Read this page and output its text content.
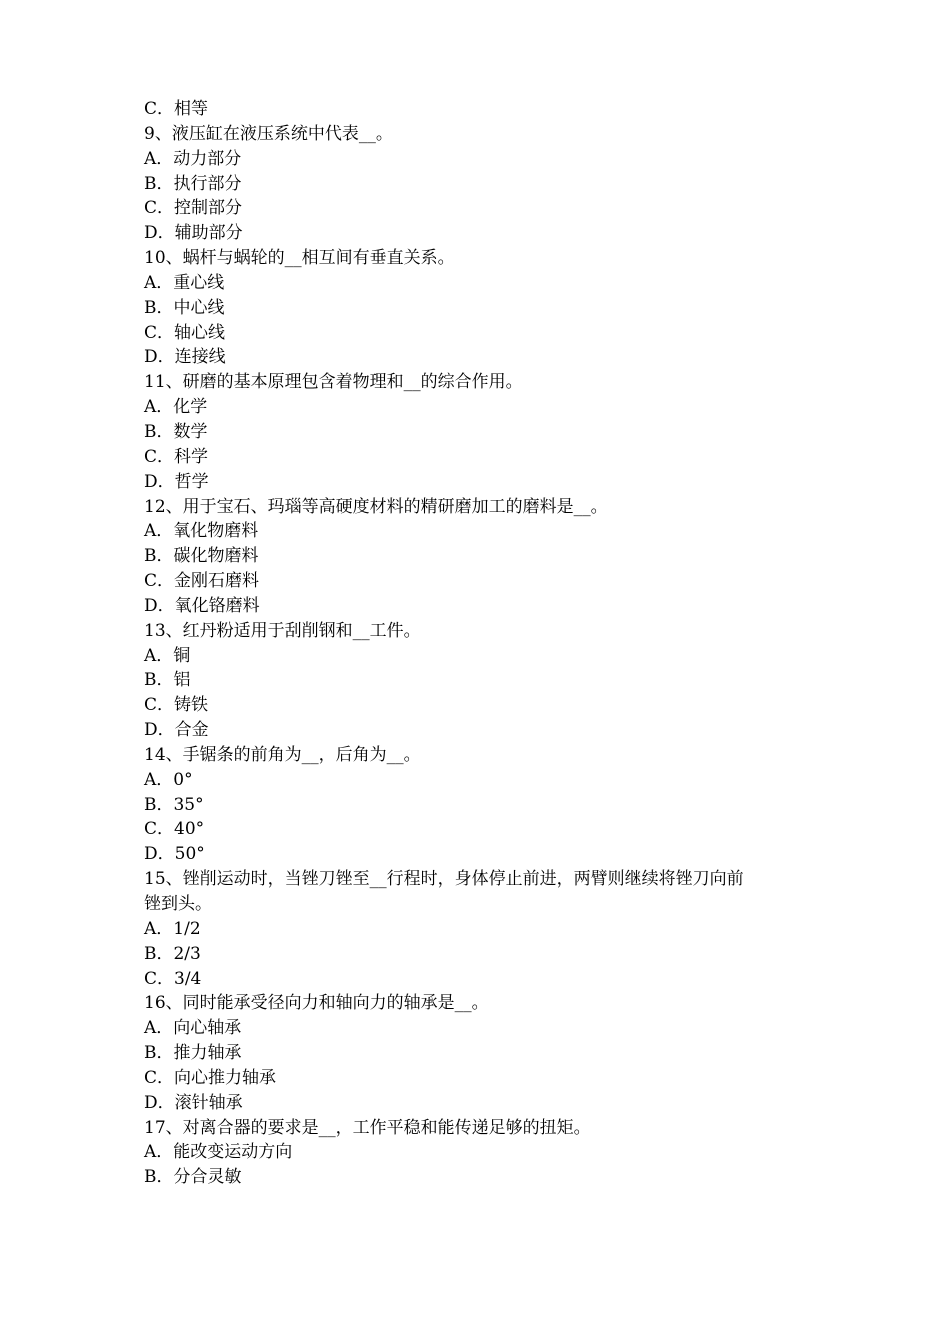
C．相等
9、液压缸在液压系统中代表__。
A．动力部分
B．执行部分
C．控制部分
D．辅助部分
10、蜗杆与蜗轮的__相互间有垂直关系。
A．重心线
B．中心线
C．轴心线
D．连接线
11、研磨的基本原理包含着物理和__的综合作用。
A．化学
B．数学
C．科学
D．哲学
12、用于宝石、玛瑙等高硬度材料的精研磨加工的磨料是__。
A．氧化物磨料
B．碳化物磨料
C．金刚石磨料
D．氧化铬磨料
13、红丹粉适用于刮削钢和__工件。
A．铜
B．铝
C．铸铁
D．合金
14、手锯条的前角为__，后角为__。
A．0°
B．35°
C．40°
D．50°
15、锉削运动时，当锉刀锉至__行程时，身体停止前进，两臂则继续将锉刀向前
锉到头。
A．1/2
B．2/3
C．3/4
16、同时能承受径向力和轴向力的轴承是__。
A．向心轴承
B．推力轴承
C．向心推力轴承
D．滚针轴承
17、对离合器的要求是__，工作平稳和能传递足够的扭矩。
A．能改变运动方向
B．分合灵敏
